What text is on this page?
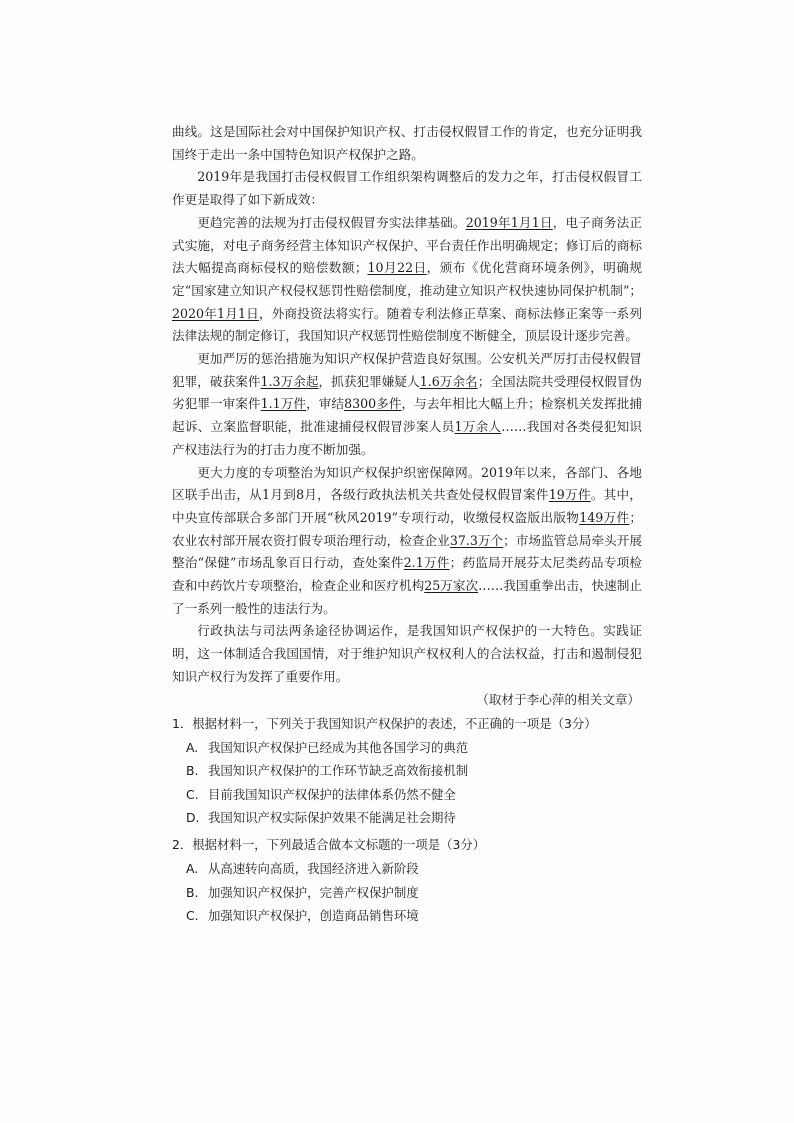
曲线。这是国际社会对中国保护知识产权、打击侵权假冒工作的肯定，也充分证明我国终于走出一条中国特色知识产权保护之路。

2019年是我国打击侵权假冒工作组织架构调整后的发力之年，打击侵权假冒工作更是取得了如下新成效：

更趋完善的法规为打击侵权假冒夯实法律基础。2019年1月1日，电子商务法正式实施，对电子商务经营主体知识产权保护、平台责任作出明确规定；修订后的商标法大幅提高商标侵权的赔偿数额；10月22日，颁布《优化营商环境条例》，明确规定“国家建立知识产权侵权惩罚性赔偿制度，推动建立知识产权快速协同保护机制”；2020年1月1日，外商投资法将实行。随着专利法修正草案、商标法修正案等一系列法律法规的制定修订，我国知识产权惩罚性赔偿制度不断健全，顶层设计逐步完善。

更加严厉的惩治措施为知识产权保护营造良好氛围。公安机关严厉打击侵权假冒犯罪，破获案件1.3万余起，抓获犯罪嫌疑人1.6万余名；全国法院共受理侵权假冒伪劣犯罪一审案件1.1万件，审结8300多件，与去年相比大幅上升；检察机关发挥批捕起诉、立案监督职能，批准逮捕侵权假冒涉案人员1万余人……我国对各类侵犯知识产权违法行为的打击力度不断加强。

更大力度的专项整治为知识产权保护织密保障网。2019年以来，各部门、各地区联手出击，从1月到8月，各级行政执法机关共查处侵权假冒案件19万件。其中，中央宣传部联合多部门开展“秋风2019”专项行动，收缴侵权盗版出版物149万件；农业农村部开展农资打假专项治理行动，检查企业37.3万个；市场监管总局牵头开展整治“保健”市场乱象百日行动，查处案件2.1万件；药监局开展芬太尼类药品专项检查和中药饮片专项整治，检查企业和医疗机构25万家次……我国重拳出击，快速制止了一系列一般性的违法行为。

行政执法与司法两条途径协调运作，是我国知识产权保护的一大特色。实践证明，这一体制适合我国国情，对于维护知识产权权利人的合法权益，打击和遏制侵犯知识产权行为发挥了重要作用。

（取材于李心萍的相关文章）

1．根据材料一，下列关于我国知识产权保护的表述，不正确的一项是（3分）

A. 我国知识产权保护已经成为其他各国学习的典范

B. 我国知识产权保护的工作环节缺乏高效衔接机制

C. 目前我国知识产权保护的法律体系仍然不健全

D. 我国知识产权实际保护效果不能满足社会期待

2．根据材料一，下列最适合做本文标题的一项是（3分）

A. 从高速转向高质，我国经济进入新阶段

B. 加强知识产权保护，完善产权保护制度

C. 加强知识产权保护，创造商品销售环境
